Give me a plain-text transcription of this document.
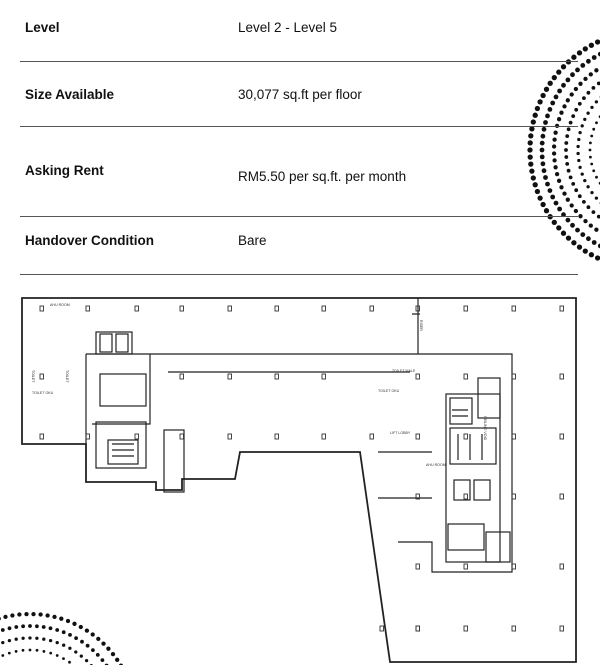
Level	Level 2 - Level 5
Size Available	30,077 sq.ft per floor
Asking Rent	RM5.50 per sq.ft. per month
Handover Condition	Bare
AHU ROOM
RISER
TOILET OKU
TOILET	TOILET
TOILET OKU
TOILET MALE
LIFT LOBBY
AHU ROOM
CEILING VOID
